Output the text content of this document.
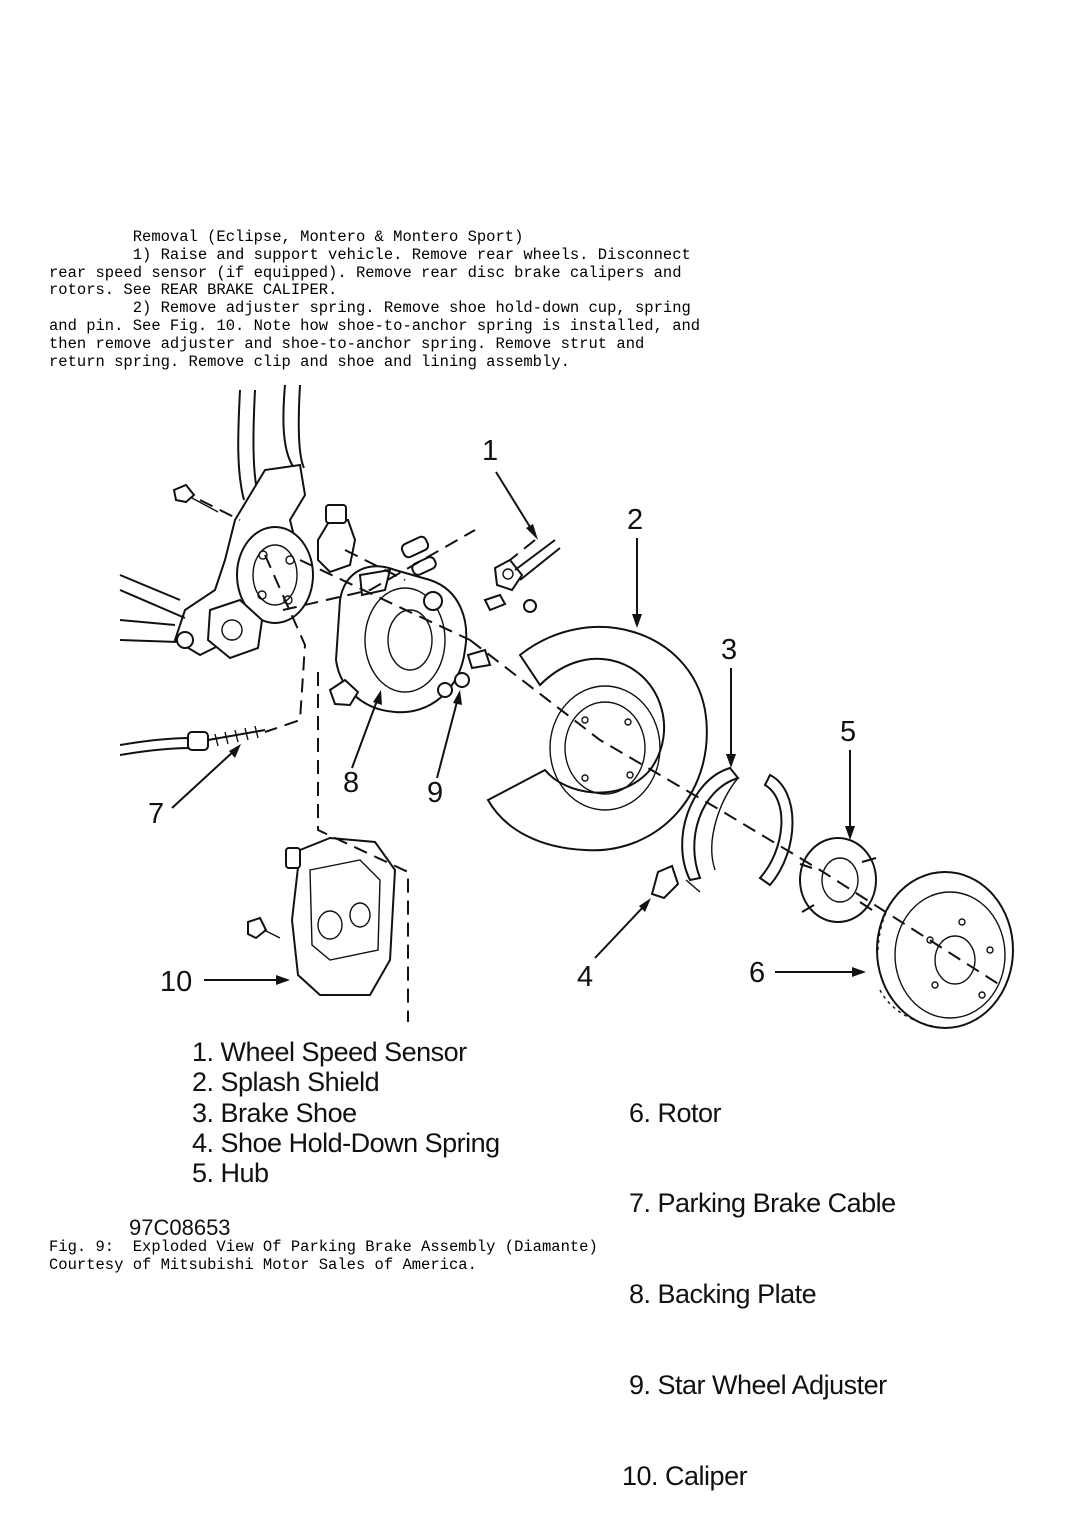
Removal (Eclipse, Montero & Montero Sport)
1) Raise and support vehicle. Remove rear wheels. Disconnect
rear speed sensor (if equipped). Remove rear disc brake calipers and
rotors. See REAR BRAKE CALIPER.
2) Remove adjuster spring. Remove shoe hold-down cup, spring
and pin. See Fig. 10. Note how shoe-to-anchor spring is installed, and
then remove adjuster and shoe-to-anchor spring. Remove strut and
return spring. Remove clip and shoe and lining assembly.
1
2
3
5
8 9
7
4	6
10
1. Wheel Speed Sensor
2. Splash Shield
3. Brake Shoe
4. Shoe Hold-Down Spring
5. Hub

6. Rotor

7. Parking Brake Cable

8. Backing Plate

9. Star Wheel Adjuster

10. Caliper

97C08653
Fig. 9:  Exploded View Of Parking Brake Assembly (Diamante)
Courtesy of Mitsubishi Motor Sales of America.
